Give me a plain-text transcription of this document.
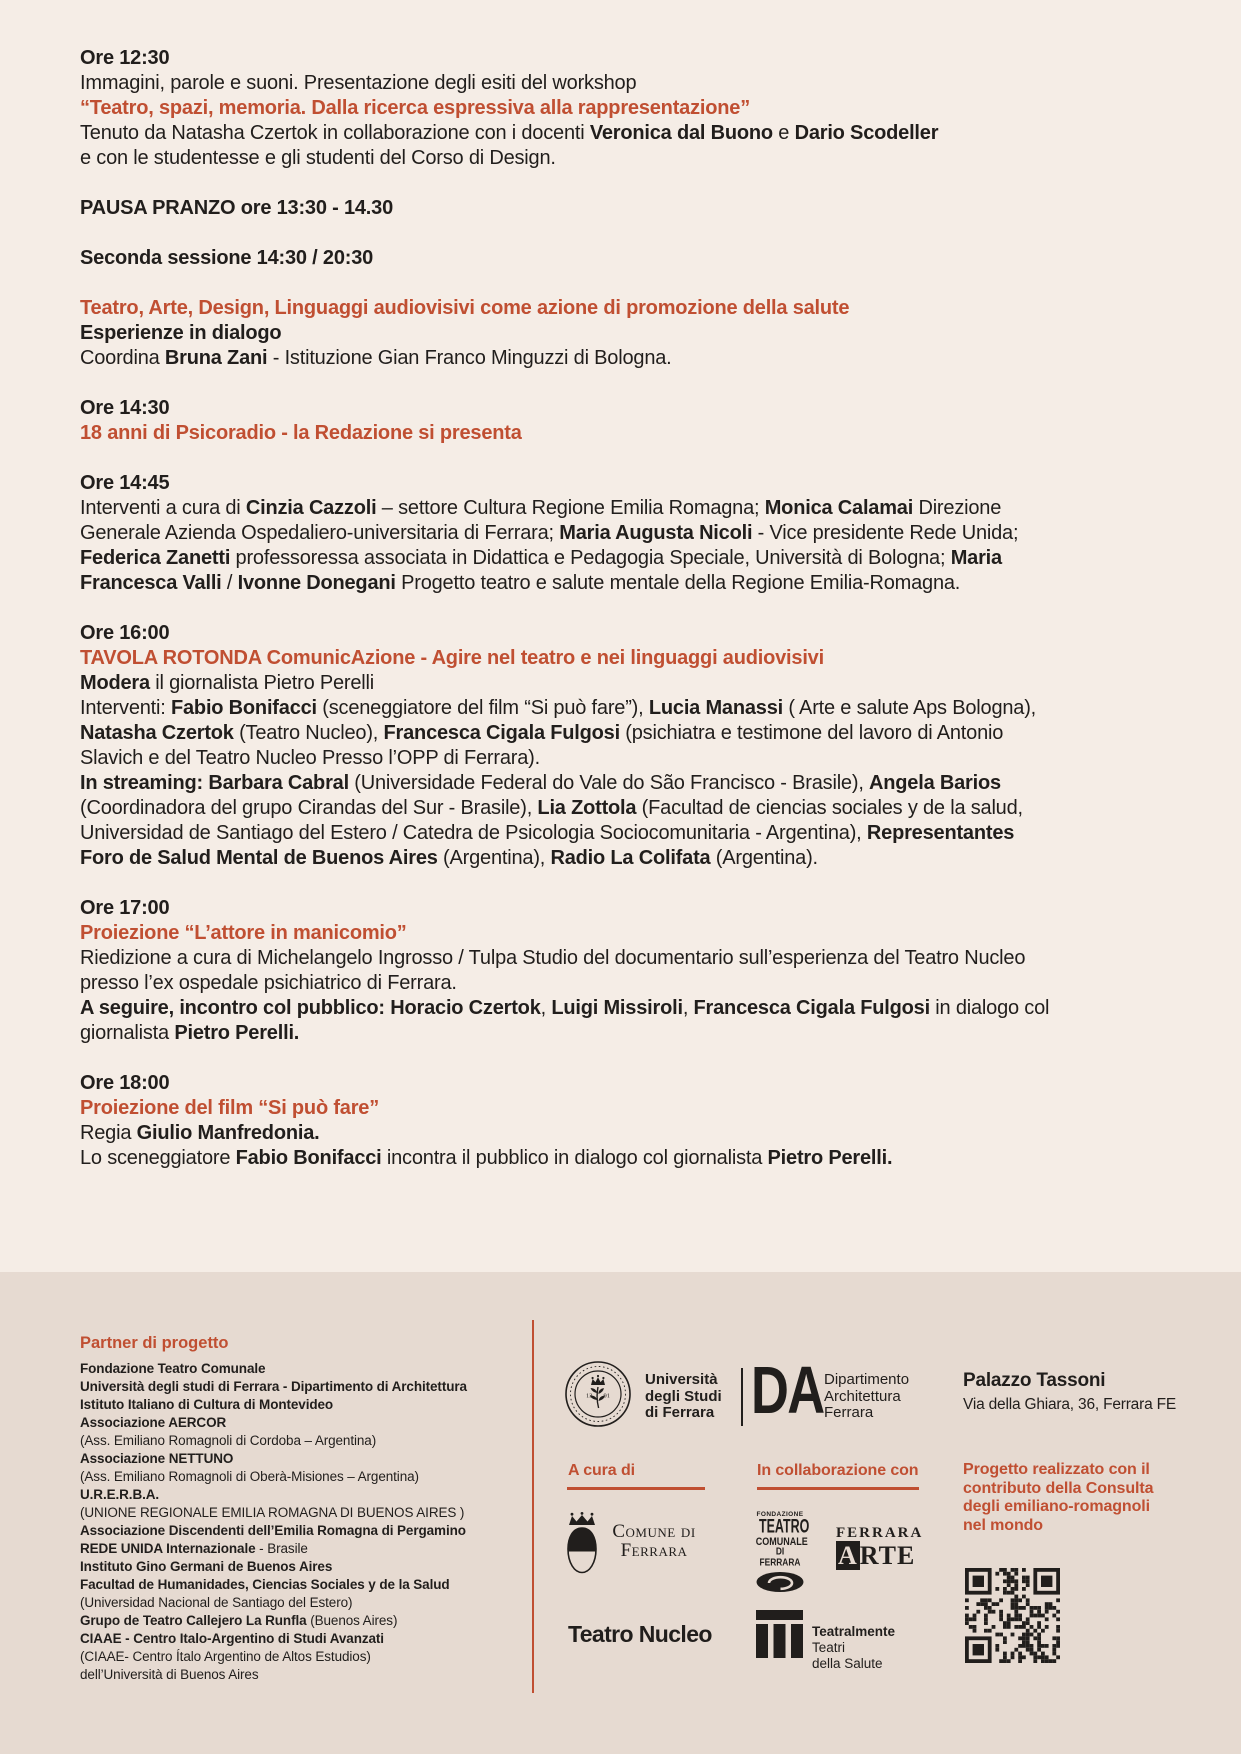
Ore 12:30
Immagini, parole e suoni. Presentazione degli esiti del workshop
“Teatro, spazi, memoria. Dalla ricerca espressiva alla rappresentazione”
Tenuto da Natasha Czertok in collaborazione con i docenti Veronica dal Buono e Dario Scodeller
e con le studentesse e gli studenti del Corso di Design.
PAUSA PRANZO ore 13:30 - 14.30
Seconda sessione 14:30 / 20:30
Teatro, Arte, Design, Linguaggi audiovisivi come azione di promozione della salute
Esperienze in dialogo
Coordina Bruna Zani - Istituzione Gian Franco Minguzzi di Bologna.
Ore 14:30
18 anni di Psicoradio - la Redazione si presenta
Ore 14:45
Interventi a cura di Cinzia Cazzoli – settore Cultura Regione Emilia Romagna; Monica Calamai Direzione
Generale Azienda Ospedaliero-universitaria di Ferrara; Maria Augusta Nicoli - Vice presidente Rede Unida;
Federica Zanetti professoressa associata in Didattica e Pedagogia Speciale, Università di Bologna; Maria
Francesca Valli / Ivonne Donegani Progetto teatro e salute mentale della Regione Emilia-Romagna.
Ore 16:00
TAVOLA ROTONDA ComunicAzione - Agire nel teatro e nei linguaggi audiovisivi
Modera il giornalista Pietro Perelli
Interventi: Fabio Bonifacci (sceneggiatore del film “Si può fare”), Lucia Manassi ( Arte e salute Aps Bologna),
Natasha Czertok (Teatro Nucleo), Francesca Cigala Fulgosi (psichiatra e testimone del lavoro di Antonio
Slavich e del Teatro Nucleo Presso l’OPP di Ferrara).
In streaming: Barbara Cabral (Universidade Federal do Vale do São Francisco - Brasile), Angela Barios
(Coordinadora del grupo Cirandas del Sur - Brasile), Lia Zottola (Facultad de ciencias sociales y de la salud,
Universidad de Santiago del Estero / Catedra de Psicologia Sociocomunitaria - Argentina), Representantes
Foro de Salud Mental de Buenos Aires (Argentina), Radio La Colifata (Argentina).
Ore 17:00
Proiezione “L’attore in manicomio”
Riedizione a cura di Michelangelo Ingrosso / Tulpa Studio del documentario sull’esperienza del Teatro Nucleo
presso l’ex ospedale psichiatrico di Ferrara.
A seguire, incontro col pubblico: Horacio Czertok, Luigi Missiroli, Francesca Cigala Fulgosi in dialogo col
giornalista Pietro Perelli.
Ore 18:00
Proiezione del film “Si può fare”
Regia Giulio Manfredonia.
Lo sceneggiatore Fabio Bonifacci incontra il pubblico in dialogo col giornalista Pietro Perelli.
Partner di progetto
Fondazione Teatro Comunale
Università degli studi di Ferrara - Dipartimento di Architettura
Istituto Italiano di Cultura di Montevideo
Associazione AERCOR
(Ass. Emiliano Romagnoli di Cordoba – Argentina)
Associazione NETTUNO
(Ass. Emiliano Romagnoli di Oberà-Misiones – Argentina)
U.R.E.R.B.A.
(UNIONE REGIONALE EMILIA ROMAGNA DI BUENOS AIRES )
Associazione Discendenti dell’Emilia Romagna di Pergamino
REDE UNIDA Internazionale - Brasile
Instituto Gino Germani de Buenos Aires
Facultad de Humanidades, Ciencias Sociales y de la Salud
(Universidad Nacional de Santiago del Estero)
Grupo de Teatro Callejero La Runfla (Buenos Aires)
CIAAE - Centro Italo-Argentino di Studi Avanzati
(CIAAE- Centro Ítalo Argentino de Altos Estudios)
dell’Università di Buenos Aires
13 91
Università
degli Studi
di Ferrara DA Dipartimento
Architettura
Ferrara
Palazzo Tassoni
Via della Ghiara, 36, Ferrara FE
A cura di	In collaborazione con	Progetto realizzato con il
contributo della Consulta
degli emiliano-romagnoli
nel mondo
Comune di
Ferrara
Teatro Nucleo
FONDAZIONE
TEATRO
COMUNALE
DI FERRARA
FERRARA
ARTE
Teatralmente
Teatri
della Salute
